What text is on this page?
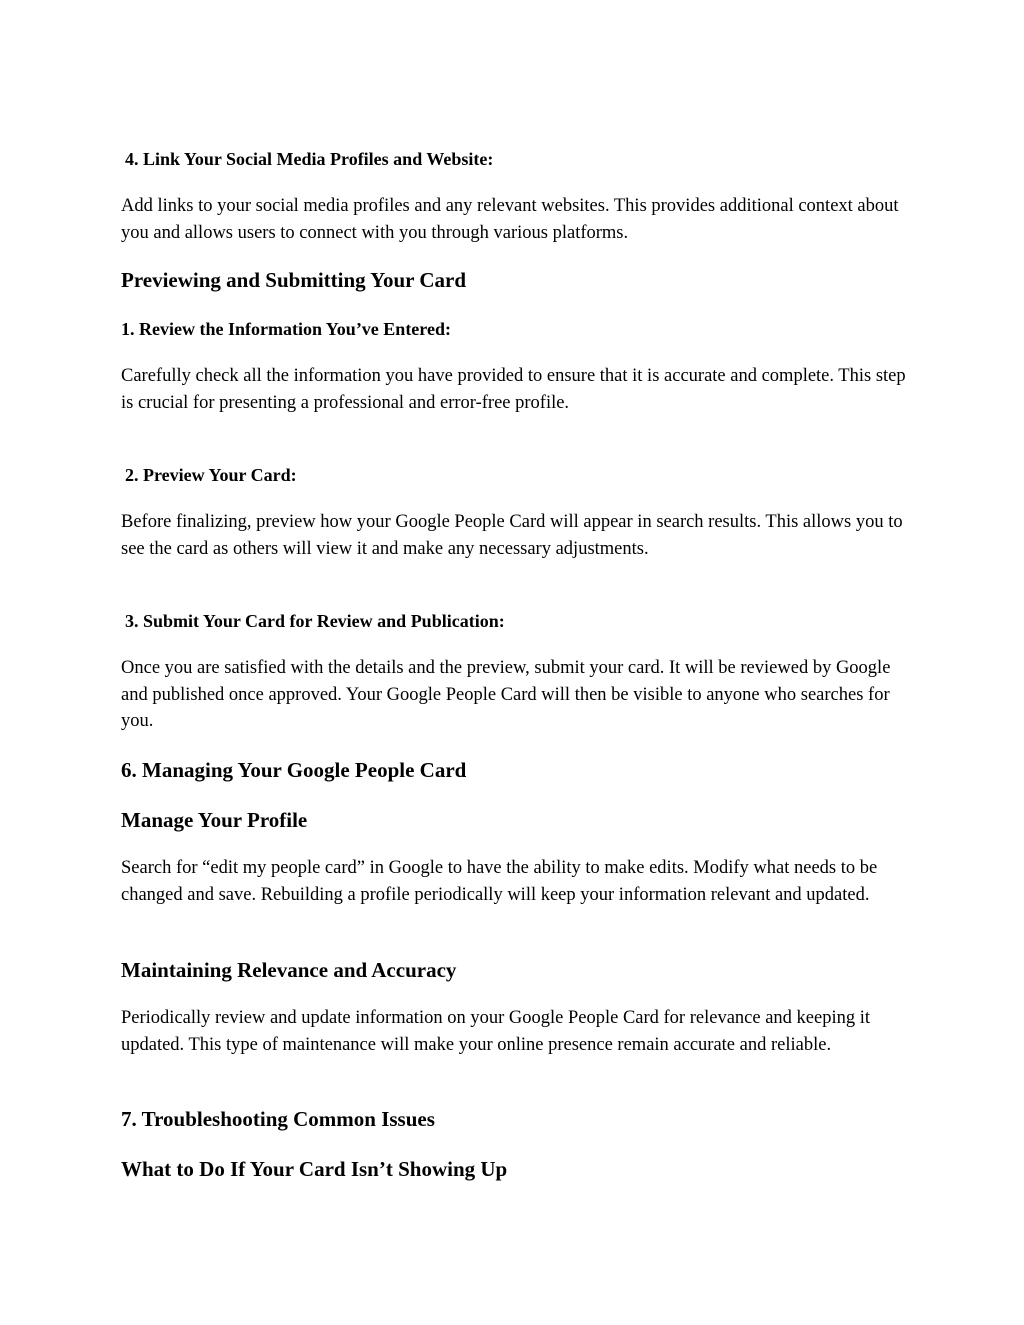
4. Link Your Social Media Profiles and Website:

Add links to your social media profiles and any relevant websites. This provides additional context about you and allows users to connect with you through various platforms.

Previewing and Submitting Your Card
1. Review the Information You’ve Entered:

Carefully check all the information you have provided to ensure that it is accurate and complete. This step is crucial for presenting a professional and error-free profile.

2. Preview Your Card:

Before finalizing, preview how your Google People Card will appear in search results. This allows you to see the card as others will view it and make any necessary adjustments.

3. Submit Your Card for Review and Publication:

Once you are satisfied with the details and the preview, submit your card. It will be reviewed by Google and published once approved. Your Google People Card will then be visible to anyone who searches for you.

6. Managing Your Google People Card
Manage Your Profile

Search for “edit my people card” in Google to have the ability to make edits. Modify what needs to be changed and save. Rebuilding a profile periodically will keep your information relevant and updated.

Maintaining Relevance and Accuracy

Periodically review and update information on your Google People Card for relevance and keeping it updated. This type of maintenance will make your online presence remain accurate and reliable.

7. Troubleshooting Common Issues
What to Do If Your Card Isn’t Showing Up
